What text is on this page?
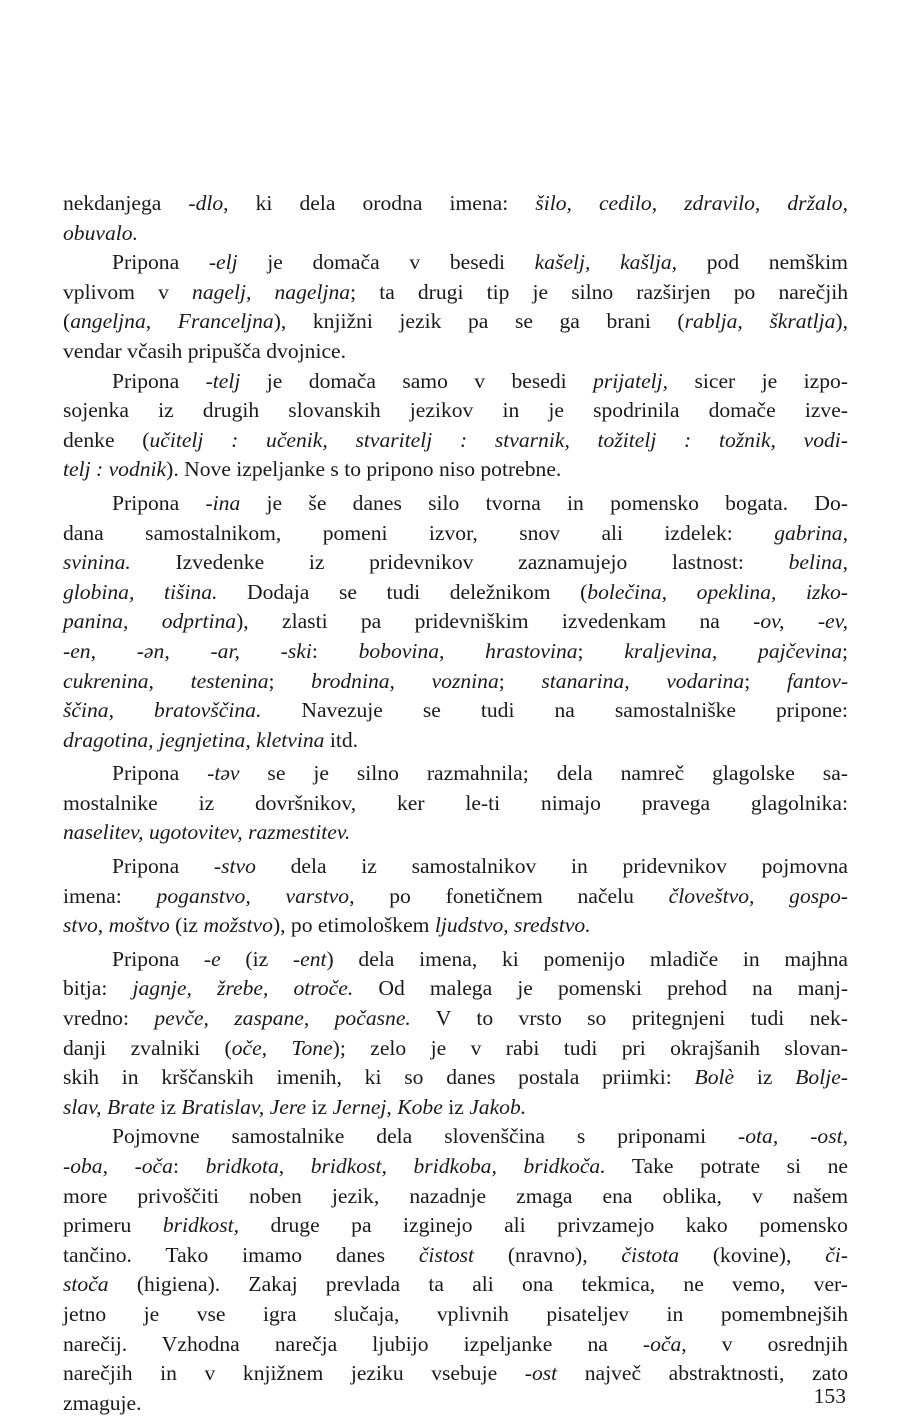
nekdanjega -dlo, ki dela orodna imena: šilo, cedilo, zdravilo, držalo,
obuvalo.

Pripona -elj je domača v besedi kašelj, kašlja, pod nemškim
vplivom v nagelj, nageljna; ta drugi tip je silno razširjen po narečjih
(angeljna, Franceljna), knjižni jezik pa se ga brani (rablja, škratlja),
vendar včasih pripušča dvojnice.

Pripona -telj je domača samo v besedi prijatelj, sicer je izpo-
sojenka iz drugih slovanskih jezikov in je spodrinila domače izve-
denke (učitelj : učenik, stvaritelj : stvarnik, tožitelj : tožnik, vodi-
telj : vodnik). Nove izpeljanke s to pripono niso potrebne.

Pripona -ina je še danes silo tvorna in pomensko bogata. Do-
dana samostalnikom, pomeni izvor, snov ali izdelek: gabrina,
svinina. Izvedenke iz pridevnikov zaznamujejo lastnost: belina,
globina, tišina. Dodaja se tudi deležnikom (bolečina, opeklina, izko-
panina, odprtina), zlasti pa pridevniškim izvedenkam na -ov, -ev,
-en, -ən, -ar, -ski: bobovina, hrastovina; kraljevina, pajčevina;
cukrenina, testenina; brodnina, voznina; stanarina, vodarina; fantov-
ščina, bratovščina. Navezuje se tudi na samostalniške pripone:
dragotina, jegnjetina, kletvina itd.

Pripona -təv se je silno razmahnila; dela namreč glagolske sa-
mostalnike iz dovršnikov, ker le-ti nimajo pravega glagolnika:
naselitev, ugotovitev, razmestitev.

Pripona -stvo dela iz samostalnikov in pridevnikov pojmovna
imena: poganstvo, varstvo, po fonetičnem načelu človeštvo, gospo-
stvo, moštvo (iz možstvo), po etimološkem ljudstvo, sredstvo.

Pripona -e (iz -ent) dela imena, ki pomenijo mladiče in majhna
bitja: jagnje, žrebe, otroče. Od malega je pomenski prehod na manj-
vredno: pevče, zaspane, počasne. V to vrsto so pritegnjeni tudi nek-
danji zvalniki (oče, Tone); zelo je v rabi tudi pri okrajšanih slovan-
skih in krščanskih imenih, ki so danes postala priimki: Bolè iz Bolje-
slav, Brate iz Bratislav, Jere iz Jernej, Kobe iz Jakob.

Pojmovne samostalnike dela slovenščina s priponami -ota, -ost,
-oba, -oča: bridkota, bridkost, bridkoba, bridkoča. Take potrate si ne
more privoščiti noben jezik, nazadnje zmaga ena oblika, v našem
primeru bridkost, druge pa izginejo ali privzamejo kako pomensko
tančino. Tako imamo danes čistost (nravno), čistota (kovine), či-
stoča (higiena). Zakaj prevlada ta ali ona tekmica, ne vemo, ver-
jetno je vse igra slučaja, vplivnih pisateljev in pomembnejših
narečij. Vzhodna narečja ljubijo izpeljanke na -oča, v osrednjih
narečjih in v knjižnem jeziku vsebuje -ost največ abstraktnosti, zato
zmaguje.	153
